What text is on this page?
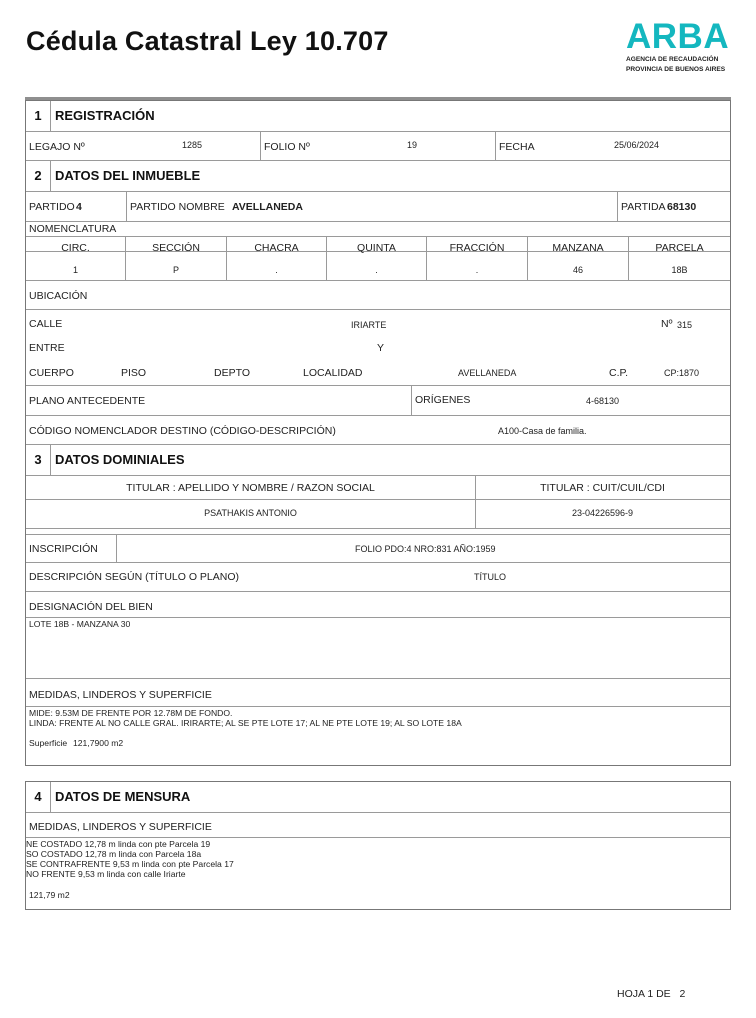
Cédula Catastral Ley 10.707	ARBA
AGENCIA DE RECAUDACIÓN
PROVINCIA DE BUENOS AIRES
1	REGISTRACIÓN
LEGAJO Nº	1285	FOLIO Nº	19	FECHA	25/06/2024
2	DATOS DEL INMUEBLE
PARTIDO 4	PARTIDO NOMBRE AVELLANEDA	PARTIDA 68130
NOMENCLATURA
CIRC.	SECCIÓN	CHACRA	QUINTA	FRACCIÓN	MANZANA	PARCELA
$_1$	$_P$	$_.$	$_.$	$_.$	$_{46}$	$_{18B}$
UBICACIÓN
CALLE	IRIARTE	Nº 315
ENTRE	Y
CUERPO	PISO	DEPTO	LOCALIDAD	AVELLANEDA	C.P.	CP:1870
PLANO ANTECEDENTE	ORÍGENES	4-68130
CÓDIGO NOMENCLADOR DESTINO (CÓDIGO-DESCRIPCIÓN)	A100-Casa de familia.
3	DATOS DOMINIALES
TITULAR : APELLIDO Y NOMBRE / RAZON SOCIAL	TITULAR : CUIT/CUIL/CDI
PSATHAKIS ANTONIO	23-04226596-9
INSCRIPCIÓN	FOLIO PDO:4 NRO:831 AÑO:1959
DESCRIPCIÓN SEGÚN (TÍTULO O PLANO)	TÍTULO
DESIGNACIÓN DEL BIEN
LOTE 18B - MANZANA 30
MEDIDAS, LINDEROS Y SUPERFICIE
MIDE: 9.53M DE FRENTE POR 12.78M DE FONDO.
LINDA: FRENTE AL NO CALLE GRAL. IRIRARTE; AL SE PTE LOTE 17; AL NE PTE LOTE 19; AL SO LOTE 18A
Superficie 121,7900 m2
4	DATOS DE MENSURA
MEDIDAS, LINDEROS Y SUPERFICIE
NE COSTADO 12,78 m linda con pte Parcela 19
SO COSTADO 12,78 m linda con Parcela 18a
SE CONTRAFRENTE 9,53 m linda con pte Parcela 17
NO FRENTE 9,53 m linda con calle Iriarte
121,79 m2
HOJA 1 DE 2
